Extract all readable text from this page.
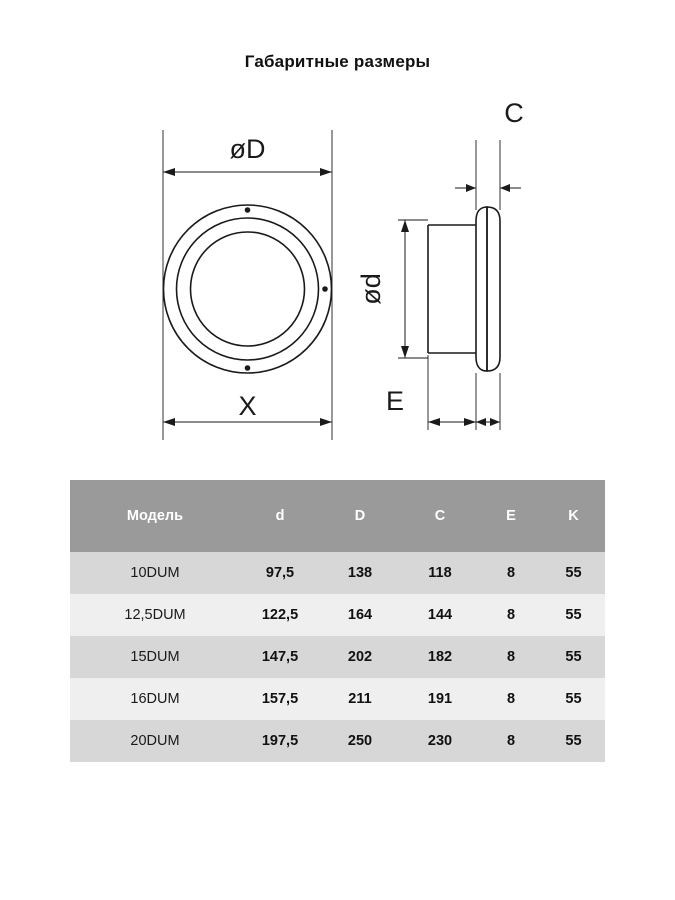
Габаритные размеры
øD
X
ød
C
E
Модель	d	D	C	E	K
10DUM	97,5	138	118	8	55
12,5DUM	122,5	164	144	8	55
15DUM	147,5	202	182	8	55
16DUM	157,5	211	191	8	55
20DUM	197,5	250	230	8	55
